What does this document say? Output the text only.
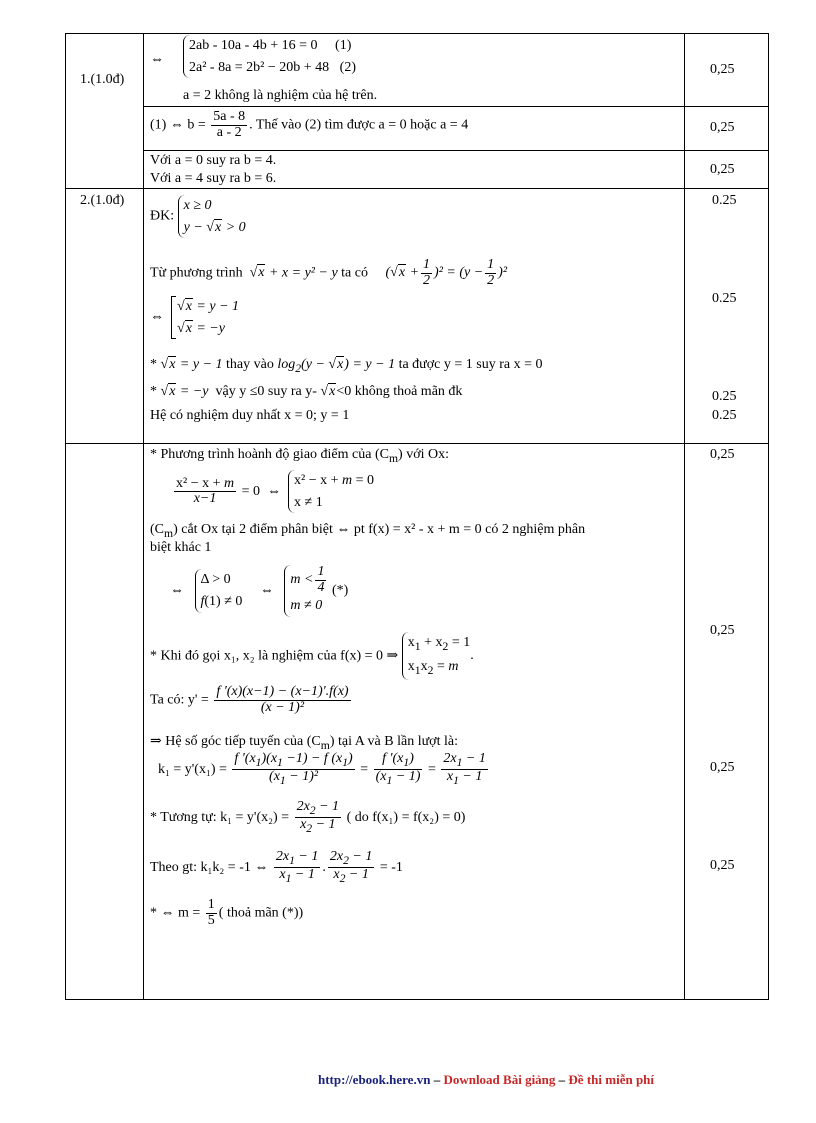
1.(1.0đ)
2.(1.0đ)
0,25
0,25
0,25
0.25
0.25
0.25
0.25
0,25
0,25
0,25
0,25
⇔
2ab - 10a - 4b + 16 = 0 (1)
2a² - 8a = 2b² − 20b + 48 (2)
a = 2 không là nghiệm của hệ trên.
(1) ⇔ $b = \frac{5a - 8}{a - 2}$ . Thế vào (2) tìm được a = 0 hoặc a = 4
Với a = 0 suy ra b = 4.
Với a = 4 suy ra b = 6.
ĐK: x ≥ 0
y − √x > 0
Từ phương trình  √x + x = y² − y ta có     $(√x + \frac{1}{2} )^2 = (y - \frac{1}{2} )^2$
⇔  √x = y − 1
√x = −y
* √x = y − 1 thay vào $\log_2(y - √x) = y - 1$ ta được y = 1 suy ra x = 0
* √x = −y vậy y ≤0 suy ra y- √x<0 không thoả mãn đk
Hệ có nghiệm duy nhất x = 0; y = 1
* Phương trình hoành độ giao điểm của $(C_m)$ với Ox:
$\frac{\text{x² − x + m}}{x-1} = 0$  ⇔  x² − x + m = 0
x ≠ 1
$(C_m)$ cắt Ox tại 2 điểm phân biệt ⇔ pt f(x) = x² - x + m = 0 có 2 nghiệm phân
biệt khác 1
⇔   Δ > 0
f(1) ≠ 0     ⇔   $m < \frac{1}{4}$

m ≠ 0 (*)
* Khi đó gọi x₁, x₂ là nghiệm của f(x) = 0 ⇒ $x_1 + x_2 = 1$
$x_1x_2 = m$.
Ta có: $y' = \frac{f '(x)(x-1) - (x-1)'.f(x)}{\text{(x − 1)²}}$
⇒ Hệ số góc tiếp tuyến của $(C_m)$ tại A và B lần lượt là:
$k_1 = y'(x_1) = \frac{f '(x_1)(x_1 -1) - f (x_1)}{(x_1 - 1)^2} = \frac{f '(x_1)}{(x_1 - 1)} = \frac{2x_1 - 1}{x_1 - 1}$
* Tương tự: $k_1 = y'(x_2) = \frac{2x_2 - 1}{x_2 - 1}$ ( do f(x₁) = f(x₂) = 0)
Theo gt: k₁k₂ = -1 ⇔ $\frac{2x_1 - 1}{x_1 - 1}$ . $\frac{2x_2 - 1}{x_2 - 1} = -1$
* ⇔ $m = \frac{1}{5}$ ( thoả mãn (*))
http://ebook.here.vn – Download Bài giảng – Đề thi miễn phí
